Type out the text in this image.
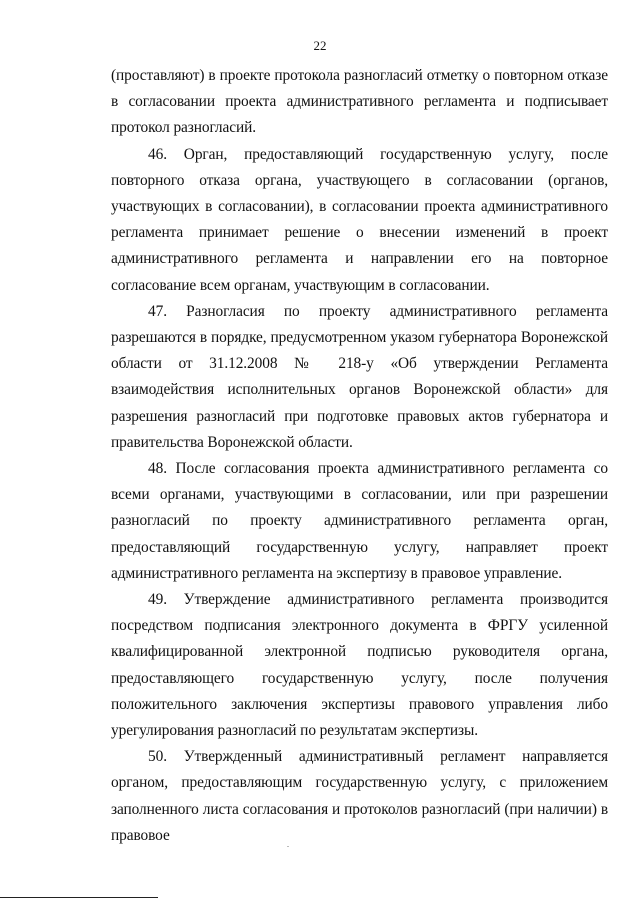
22

(проставляют) в проекте протокола разногласий отметку о повторном отказе в согласовании проекта административного регламента и подписывает протокол разногласий.

46. Орган, предоставляющий государственную услугу, после повторного отказа органа, участвующего в согласовании (органов, участвующих в согласовании), в согласовании проекта административного регламента принимает решение о внесении изменений в проект административного регламента и направлении его на повторное согласование всем органам, участвующим в согласовании.

47. Разногласия по проекту административного регламента разрешаются в порядке, предусмотренном указом губернатора Воронежской области от 31.12.2008 № 218-у «Об утверждении Регламента взаимодействия исполнительных органов Воронежской области» для разрешения разногласий при подготовке правовых актов губернатора и правительства Воронежской области.

48. После согласования проекта административного регламента со всеми органами, участвующими в согласовании, или при разрешении разногласий по проекту административного регламента орган, предоставляющий государственную услугу, направляет проект административного регламента на экспертизу в правовое управление.

49. Утверждение административного регламента производится посредством подписания электронного документа в ФРГУ усиленной квалифицированной электронной подписью руководителя органа, предоставляющего государственную услугу, после получения положительного заключения экспертизы правового управления либо урегулирования разногласий по результатам экспертизы.

50. Утвержденный административный регламент направляется органом, предоставляющим государственную услугу, с приложением заполненного листа согласования и протоколов разногласий (при наличии) в правовое
